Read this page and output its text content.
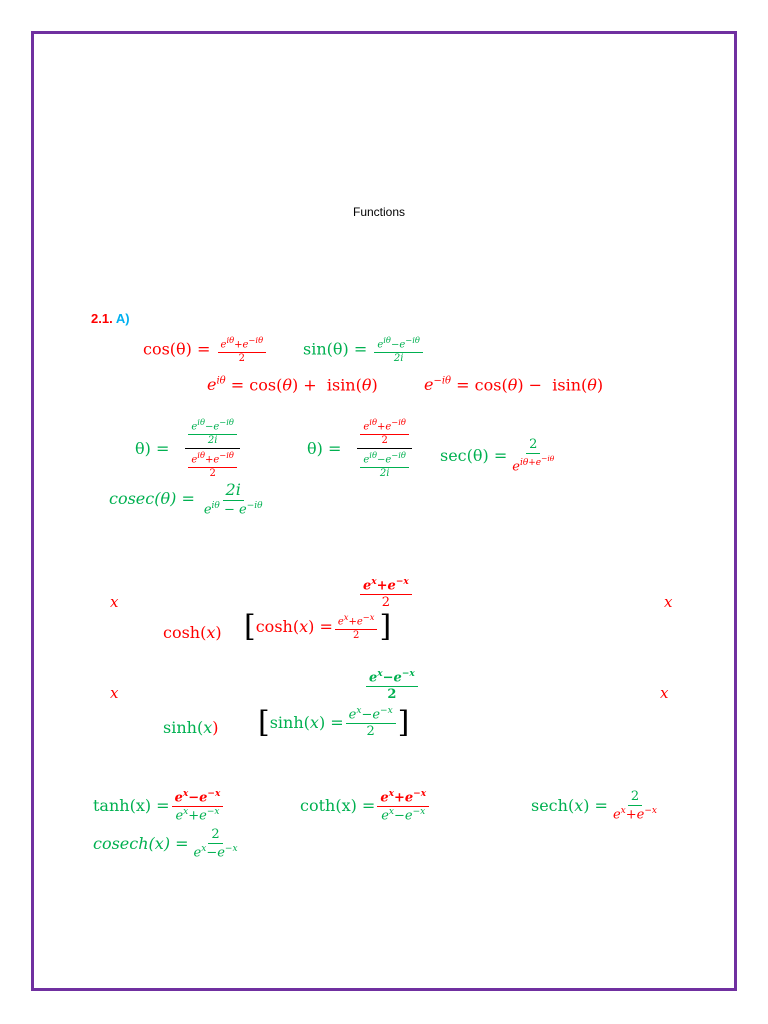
Functions
2.1. A)
$\cos(\theta) = \frac{e^{i\theta}+e^{-i\theta}}{2} \sin(\theta) = \frac{e^{i\theta}-e^{-i\theta}}{2i}$
$e^{i\theta} = \cos(\theta) + isin(\theta)$	$e^{-i\theta} = \cos(\theta) - isin(\theta)$
$\theta) = \frac{\frac{e^{i\theta}-e^{-i\theta}}{2i}}{\frac{e^{i\theta}+e^{-i\theta}}{2}}$	$\theta) = \frac{\frac{e^{i\theta}+e^{-i\theta}}{2}}{\frac{e^{i\theta}-e^{-i\theta}}{2i}} \sec(\theta) = \frac{2}{e^{i\theta+e^{-i\theta}}}$
$cosec(\theta) = \frac{2i}{e^{i\theta} - e^{-i\theta}}$
x	x
$\frac{e^x+e^{-x}}{2}$
cosh(x) [ $\cosh(x) = \frac{e^x+e^{-x}}{2}$ ]
x	x
$\frac{e^x-e^{-x}}{2}$
sinh(x) [ $\sinh(x) = \frac{e^x-e^{-x}}{2}$ ]
$\tanh(x) = \frac{e^x-e^{-x}}{e^x+e^{-x}}$	$\cot h(x) = \frac{e^x+e^{-x}}{e^x-e^{-x}}$	$\sec h(x) = \frac{2}{e^x+e^{-x}}$
$cosech(x) = \frac{2}{e^x-e^{-x}}$
